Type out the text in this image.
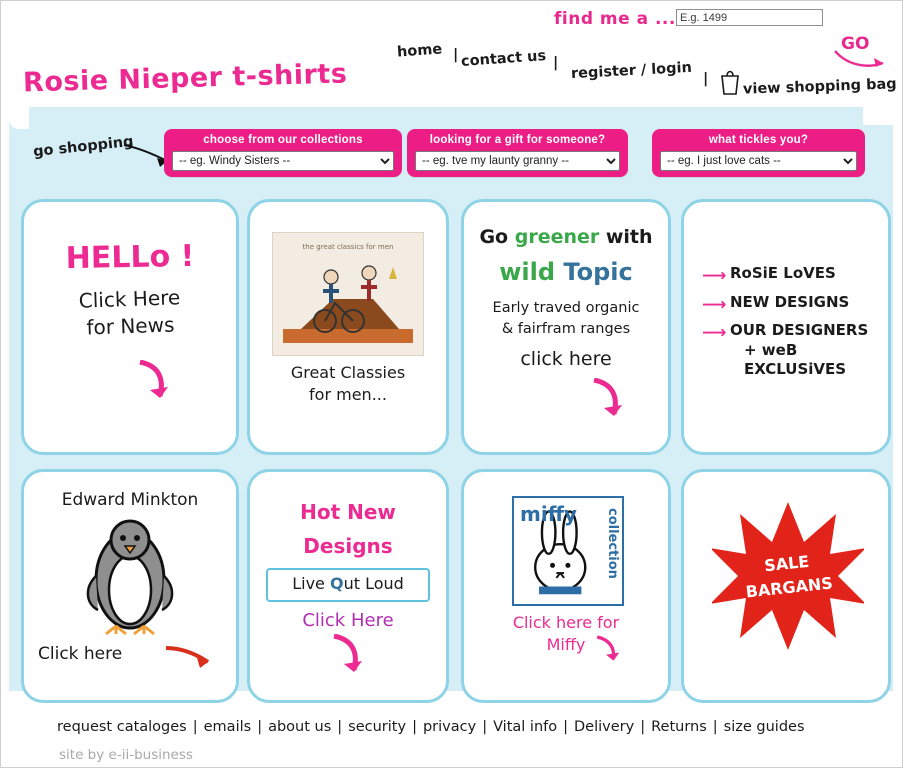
find me a ...
E.g. 1499
GO
Rosie Nieper t-shirts
home | contact us | register / login | view shopping bag
go shopping	choose from our collections
-- eg. Windy Sisters --	looking for a gift for someone?
-- eg. tve my launty granny --	what tickles you?
-- eg. I just love cats --
HELLo !
Click Here
for News
the great classics for men
Great Classies
for men...
Go greener with
wild Topic
Early traved organic
& fairfram ranges
click here
⟶ RoSiE LoVES
⟶ NEW DESIGNS
⟶ OUR DESIGNERS
+ weB EXCLUSiVES
Edward Minkton
Click here
Hot New
Designs
Live Qut Loud
Click Here
miffy collection
Click here for
Miffy
SALE
BARGANS
request cataloges | emails | about us | security | privacy | Vital info | Delivery | Returns | size guides
site by e-ii-business
